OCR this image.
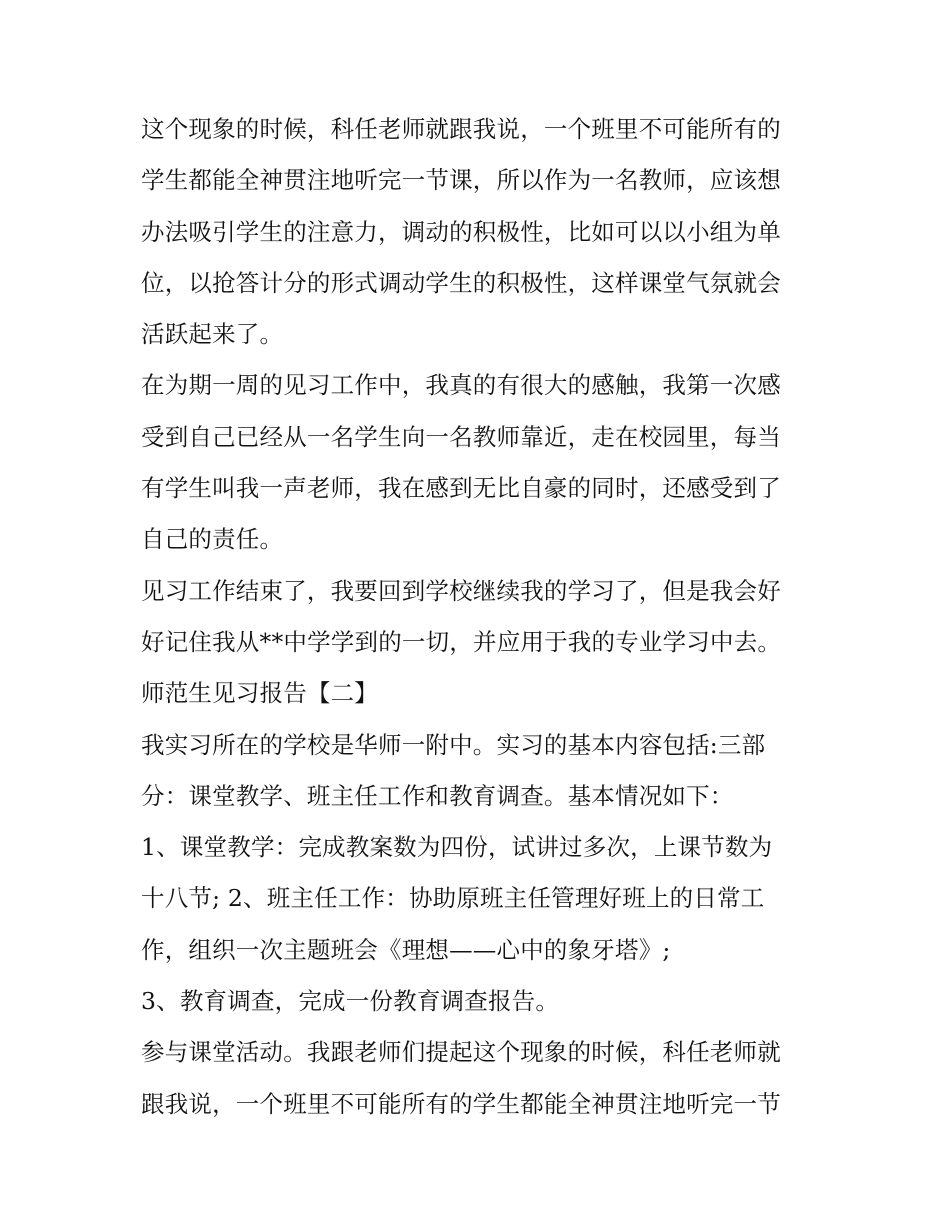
这个现象的时候，科任老师就跟我说，一个班里不可能所有的
学生都能全神贯注地听完一节课，所以作为一名教师，应该想
办法吸引学生的注意力，调动的积极性，比如可以以小组为单
位，以抢答计分的形式调动学生的积极性，这样课堂气氛就会
活跃起来了。
在为期一周的见习工作中，我真的有很大的感触，我第一次感
受到自己已经从一名学生向一名教师靠近，走在校园里，每当
有学生叫我一声老师，我在感到无比自豪的同时，还感受到了
自己的责任。
见习工作结束了，我要回到学校继续我的学习了，但是我会好
好记住我从**中学学到的一切，并应用于我的专业学习中去。
师范生见习报告【二】
我实习所在的学校是华师一附中。实习的基本内容包括:三部
分：课堂教学、班主任工作和教育调查。基本情况如下：
1、课堂教学：完成教案数为四份，试讲过多次，上课节数为
十八节; 2、班主任工作：协助原班主任管理好班上的日常工
作，组织一次主题班会《理想——心中的象牙塔》;
3、教育调查，完成一份教育调查报告。
参与课堂活动。我跟老师们提起这个现象的时候，科任老师就
跟我说，一个班里不可能所有的学生都能全神贯注地听完一节
